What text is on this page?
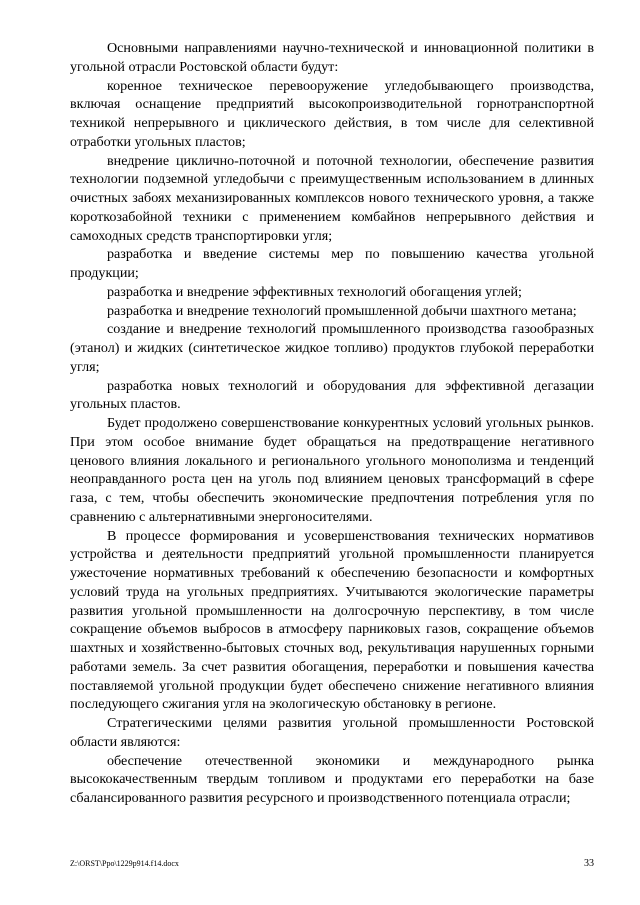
Основными направлениями научно-технической и инновационной политики в угольной отрасли Ростовской области будут:

коренное техническое перевооружение угледобывающего производства, включая оснащение предприятий высокопроизводительной горнотранспортной техникой непрерывного и циклического действия, в том числе для селективной отработки угольных пластов;

внедрение циклично-поточной и поточной технологии, обеспечение развития технологии подземной угледобычи с преимущественным использованием в длинных очистных забоях механизированных комплексов нового технического уровня, а также короткозабойной техники с применением комбайнов непрерывного действия и самоходных средств транспортировки угля;

разработка и введение системы мер по повышению качества угольной продукции;

разработка и внедрение эффективных технологий обогащения углей;

разработка и внедрение технологий промышленной добычи шахтного метана;

создание и внедрение технологий промышленного производства газообразных (этанол) и жидких (синтетическое жидкое топливо) продуктов глубокой переработки угля;

разработка новых технологий и оборудования для эффективной дегазации угольных пластов.

Будет продолжено совершенствование конкурентных условий угольных рынков. При этом особое внимание будет обращаться на предотвращение негативного ценового влияния локального и регионального угольного монополизма и тенденций неоправданного роста цен на уголь под влиянием ценовых трансформаций в сфере газа, с тем, чтобы обеспечить экономические предпочтения потребления угля по сравнению с альтернативными энергоносителями.

В процессе формирования и усовершенствования технических нормативов устройства и деятельности предприятий угольной промышленности планируется ужесточение нормативных требований к обеспечению безопасности и комфортных условий труда на угольных предприятиях. Учитываются экологические параметры развития угольной промышленности на долгосрочную перспективу, в том числе сокращение объемов выбросов в атмосферу парниковых газов, сокращение объемов шахтных и хозяйственно-бытовых сточных вод, рекультивация нарушенных горными работами земель. За счет развития обогащения, переработки и повышения качества поставляемой угольной продукции будет обеспечено снижение негативного влияния последующего сжигания угля на экологическую обстановку в регионе.

Стратегическими целями развития угольной промышленности Ростовской области являются:

обеспечение отечественной экономики и международного рынка высококачественным твердым топливом и продуктами его переработки на базе сбалансированного развития ресурсного и производственного потенциала отрасли;

Z:\ORST\Ppo\1229p914.f14.docx	33
